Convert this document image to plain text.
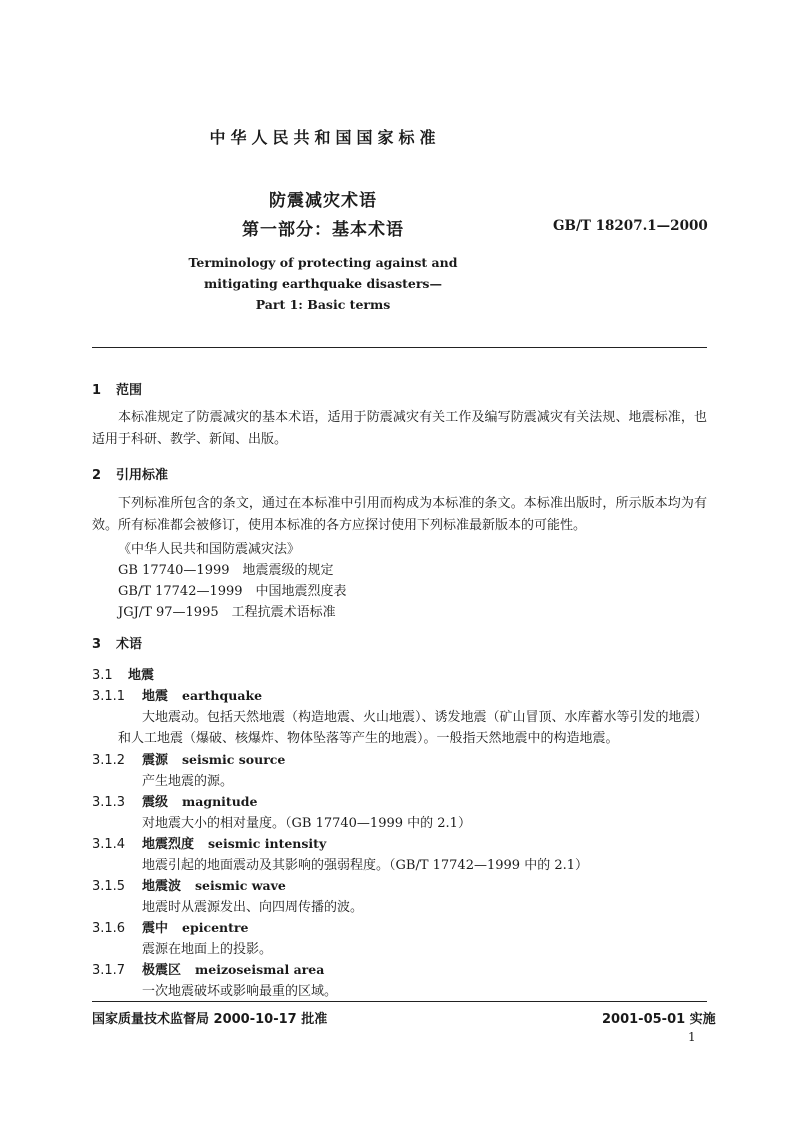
中华人民共和国国家标准
防震减灾术语
第一部分：基本术语	GB/T 18207.1—2000
Terminology of protecting against and
mitigating earthquake disasters—
Part 1: Basic terms
1 范围
本标准规定了防震减灾的基本术语，适用于防震减灾有关工作及编写防震减灾有关法规、地震标准，也适用于科研、教学、新闻、出版。
2 引用标准
下列标准所包含的条文，通过在本标准中引用而构成为本标准的条文。本标准出版时，所示版本均为有效。所有标准都会被修订，使用本标准的各方应探讨使用下列标准最新版本的可能性。
《中华人民共和国防震减灾法》
GB 17740—1999　地震震级的规定
GB/T 17742—1999　中国地震烈度表
JGJ/T 97—1995　工程抗震术语标准
3 术语
3.1 地震
3.1.1 地震 earthquake
大地震动。包括天然地震（构造地震、火山地震）、诱发地震（矿山冒顶、水库蓄水等引发的地震）
和人工地震（爆破、核爆炸、物体坠落等产生的地震）。一般指天然地震中的构造地震。
3.1.2 震源 seismic source
产生地震的源。
3.1.3 震级 magnitude
对地震大小的相对量度。（GB 17740—1999 中的 2.1）
3.1.4 地震烈度 seismic intensity
地震引起的地面震动及其影响的强弱程度。（GB/T 17742—1999 中的 2.1）
3.1.5 地震波 seismic wave
地震时从震源发出、向四周传播的波。
3.1.6 震中 epicentre
震源在地面上的投影。
3.1.7 极震区 meizoseismal area
一次地震破坏或影响最重的区域。
国家质量技术监督局 2000-10-17 批准	2001-05-01 实施
1
